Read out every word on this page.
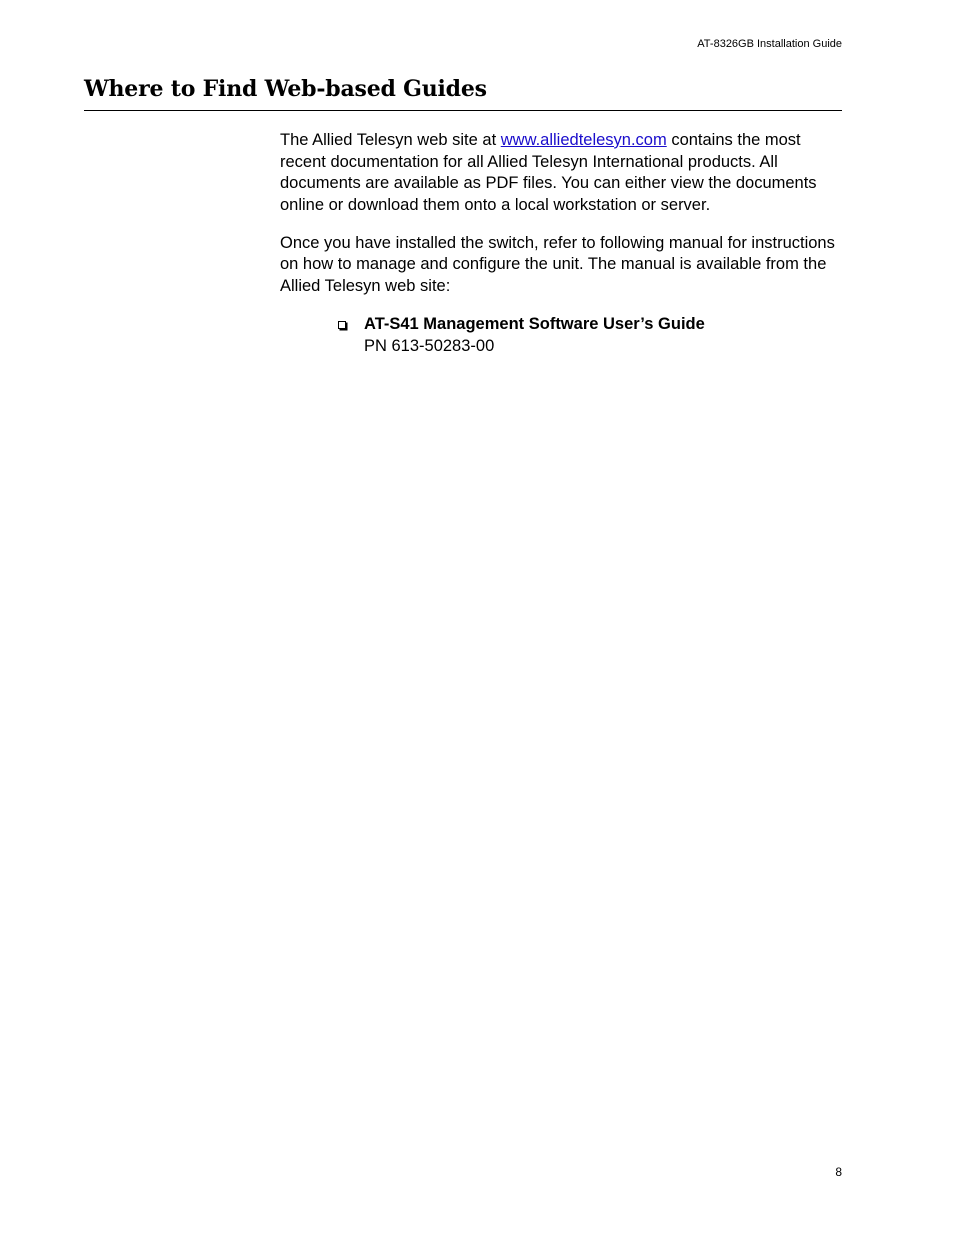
AT-8326GB Installation Guide
Where to Find Web-based Guides

The Allied Telesyn web site at www.alliedtelesyn.com contains the most recent documentation for all Allied Telesyn International products. All documents are available as PDF files. You can either view the documents online or download them onto a local workstation or server.

Once you have installed the switch, refer to following manual for instructions on how to manage and configure the unit. The manual is available from the Allied Telesyn web site:

AT-S41 Management Software User’s Guide
PN 613-50283-00
8
